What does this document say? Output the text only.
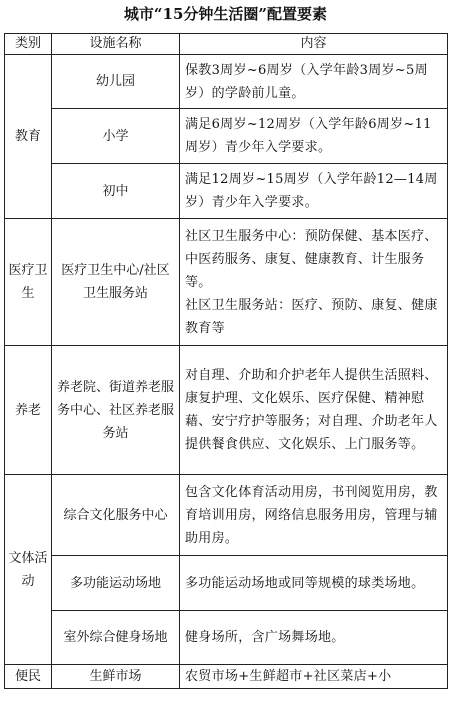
城市“15分钟生活圈”配置要素
类别	设施名称	内容
教育	幼儿园	保教3周岁~6周岁（入学年龄3周岁~5周岁）的学龄前儿童。
	小学	满足6周岁~12周岁（入学年龄6周岁~11周岁）青少年入学要求。
	初中	满足12周岁~15周岁（入学年龄12—14周岁）青少年入学要求。
医疗卫生	医疗卫生中心/社区卫生服务站	社区卫生服务中心：预防保健、基本医疗、中医药服务、康复、健康教育、计生服务等。

社区卫生服务站：医疗、预防、康复、健康教育等

养老	养老院、街道养老服务中心、社区养老服务站	对自理、介助和介护老年人提供生活照料、康复护理、文化娱乐、医疗保健、精神慰藉、安宁疗护等服务；对自理、介助老年人提供餐食供应、文化娱乐、上门服务等。
文体活动	综合文化服务中心	包含文化体育活动用房，书刊阅览用房，教育培训用房，网络信息服务用房，管理与辅助用房。
	多功能运动场地	多功能运动场地或同等规模的球类场地。
	室外综合健身场地	健身场所，含广场舞场地。
便民	生鲜市场	农贸市场+生鲜超市+社区菜店+小
